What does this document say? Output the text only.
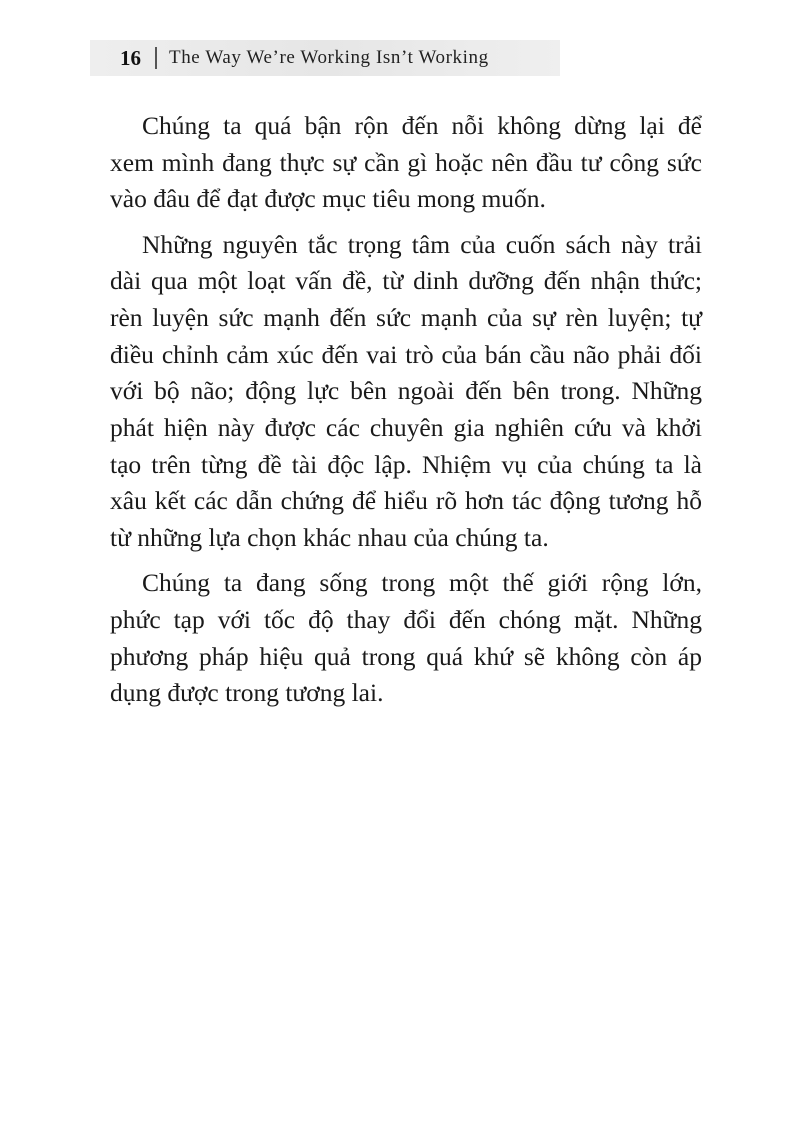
16 The Way We’re Working Isn’t Working
Chúng ta quá bận rộn đến nỗi không dừng lại để
xem mình đang thực sự cần gì hoặc nên đầu tư công sức
vào đâu để đạt được mục tiêu mong muốn.
Những nguyên tắc trọng tâm của cuốn sách này trải
dài qua một loạt vấn đề, từ dinh dưỡng đến nhận thức;
rèn luyện sức mạnh đến sức mạnh của sự rèn luyện; tự
điều chỉnh cảm xúc đến vai trò của bán cầu não phải đối
với bộ não; động lực bên ngoài đến bên trong. Những
phát hiện này được các chuyên gia nghiên cứu và khởi
tạo trên từng đề tài độc lập. Nhiệm vụ của chúng ta là
xâu kết các dẫn chứng để hiểu rõ hơn tác động tương hỗ
từ những lựa chọn khác nhau của chúng ta.
Chúng ta đang sống trong một thế giới rộng lớn,
phức tạp với tốc độ thay đổi đến chóng mặt. Những
phương pháp hiệu quả trong quá khứ sẽ không còn áp
dụng được trong tương lai.
